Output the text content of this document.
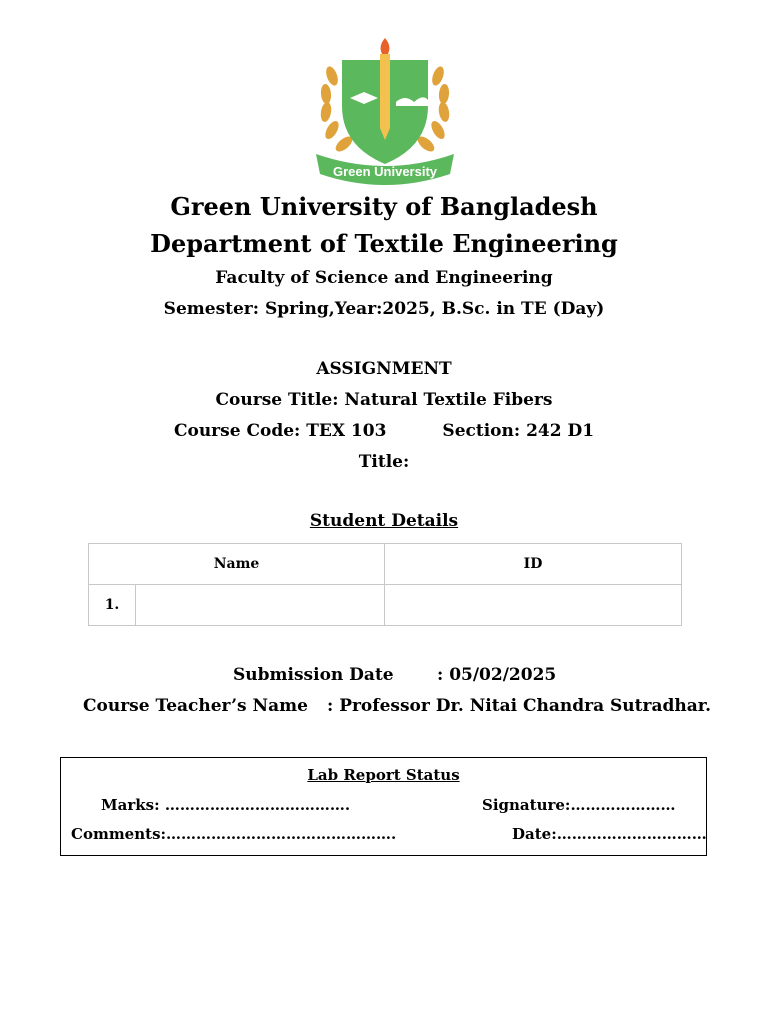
Green University
Green University of Bangladesh
Department of Textile Engineering
Faculty of Science and Engineering
Semester: Spring,Year:2025, B.Sc. in TE (Day)
ASSIGNMENT
Course Title: Natural Textile Fibers
Course Code: TEX 103	Section: 242 D1
Title:
Student Details
Name		ID
1.		
Submission Date	: 05/02/2025
Course Teacher’s Name : Professor Dr. Nitai Chandra Sutradhar.
Lab Report Status
Marks: ……………………………….	Signature:…………………
Comments:……………………………………….	Date:…………………………
